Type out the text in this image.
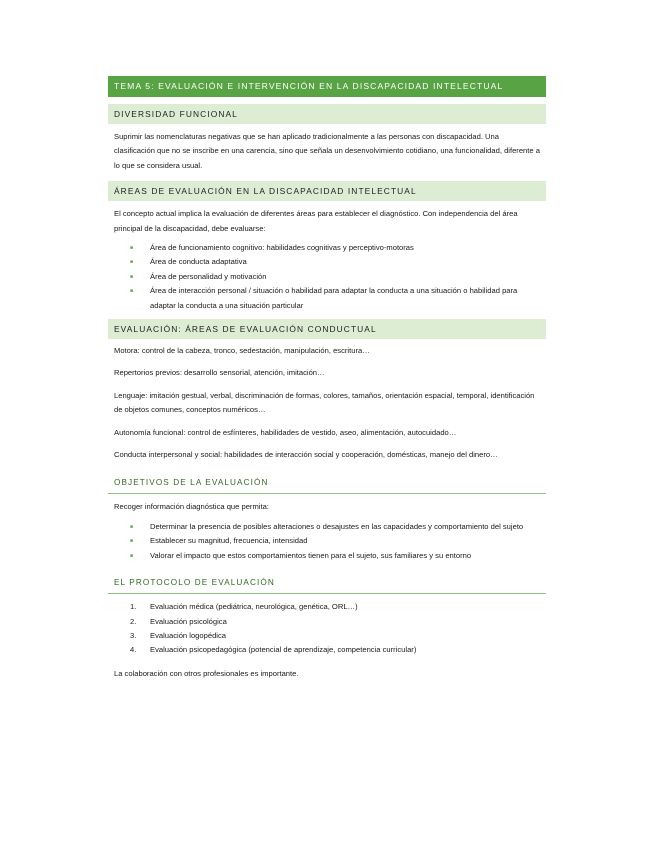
TEMA 5: EVALUACIÓN E INTERVENCIÓN EN LA DISCAPACIDAD INTELECTUAL
DIVERSIDAD FUNCIONAL

Suprimir las nomenclaturas negativas que se han aplicado tradicionalmente a las personas con discapacidad. Una clasificación que no se inscribe en una carencia, sino que señala un desenvolvimiento cotidiano, una funcionalidad, diferente a lo que se considera usual.

ÁREAS DE EVALUACIÓN EN LA DISCAPACIDAD INTELECTUAL

El concepto actual implica la evaluación de diferentes áreas para establecer el diagnóstico. Con independencia del área principal de la discapacidad, debe evaluarse:

■ Área de funcionamiento cognitivo: habilidades cognitivas y perceptivo-motoras
■ Área de conducta adaptativa
■ Área de personalidad y motivación
■ Área de interacción personal / situación o habilidad para adaptar la conducta a una situación o habilidad para adaptar la conducta a una situación particular
EVALUACIÓN: ÁREAS DE EVALUACIÓN CONDUCTUAL

Motora: control de la cabeza, tronco, sedestación, manipulación, escritura…

Repertorios previos: desarrollo sensorial, atención, imitación…

Lenguaje: imitación gestual, verbal, discriminación de formas, colores, tamaños, orientación espacial, temporal, identificación de objetos comunes, conceptos numéricos…

Autonomía funcional: control de esfínteres, habilidades de vestido, aseo, alimentación, autocuidado…

Conducta interpersonal y social: habilidades de interacción social y cooperación, domésticas, manejo del dinero…

OBJETIVOS DE LA EVALUACIÓN

Recoger información diagnóstica que permita:

■ Determinar la presencia de posibles alteraciones o desajustes en las capacidades y comportamiento del sujeto
■ Establecer su magnitud, frecuencia, intensidad
■ Valorar el impacto que estos comportamientos tienen para el sujeto, sus familiares y su entorno
EL PROTOCOLO DE EVALUACIÓN
1. Evaluación médica (pediátrica, neurológica, genética, ORL…)
2. Evaluación psicológica
3. Evaluación logopédica
4. Evaluación psicopedagógica (potencial de aprendizaje, competencia curricular)

La colaboración con otros profesionales es importante.
